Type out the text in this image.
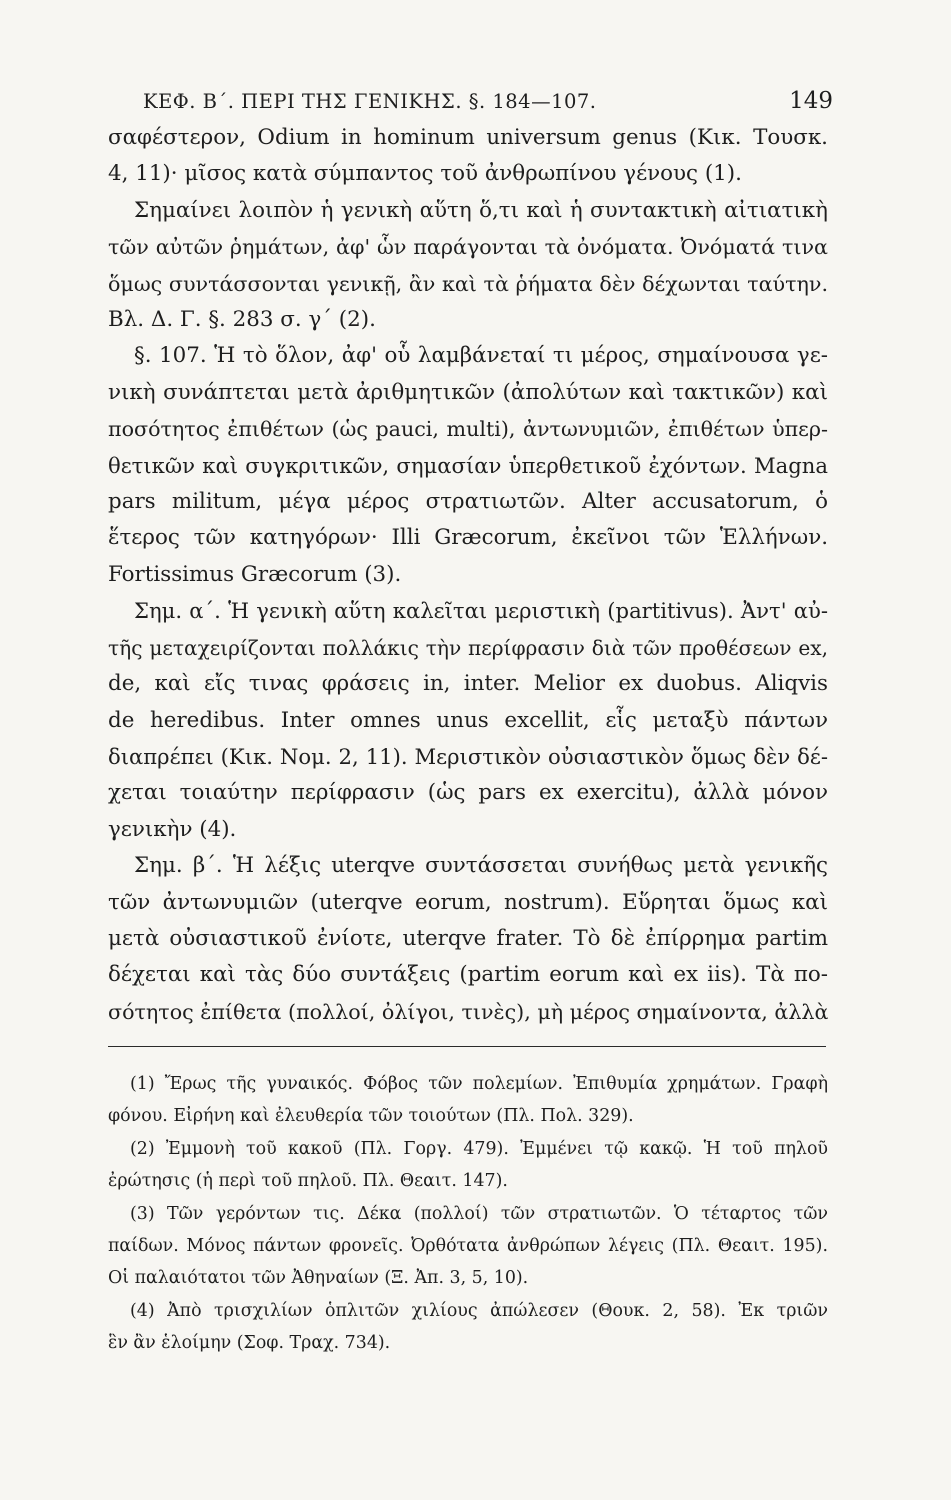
ΚΕΦ. Β΄. ΠΕΡΙ ΤΗΣ ΓΕΝΙΚΗΣ. §. 184—107.	149
σαφέστερον, Odium in hominum universum genus (Κικ. Τουσκ.
4, 11)· μῖσος κατὰ σύμπαντος τοῦ ἀνθρωπίνου γένους (1).
Σημαίνει λοιπὸν ἡ γενικὴ αὕτη ὅ,τι καὶ ἡ συντακτικὴ αἰτιατικὴ
τῶν αὐτῶν ῥημάτων, ἀφ' ὧν παράγονται τὰ ὀνόματα. Ὀνόματά τινα
ὅμως συντάσσονται γενικῇ, ἂν καὶ τὰ ῥήματα δὲν δέχωνται ταύτην.
Βλ. Δ. Γ. §. 283 σ. γ΄ (2).
§. 107. Ἡ τὸ ὅλον, ἀφ' οὗ λαμβάνεταί τι μέρος, σημαίνουσα γε-
νικὴ συνάπτεται μετὰ ἀριθμητικῶν (ἀπολύτων καὶ τακτικῶν) καὶ
ποσότητος ἐπιθέτων (ὡς pauci, multi), ἀντωνυμιῶν, ἐπιθέτων ὑπερ-
θετικῶν καὶ συγκριτικῶν, σημασίαν ὑπερθετικοῦ ἐχόντων. Magna
pars militum, μέγα μέρος στρατιωτῶν. Alter accusatorum, ὁ
ἕτερος τῶν κατηγόρων· Illi Græcorum, ἐκεῖνοι τῶν Ἑλλήνων.
Fortissimus Græcorum (3).
Σημ. α΄. Ἡ γενικὴ αὕτη καλεῖται μεριστικὴ (partitivus). Ἀντ' αὐ-
τῆς μεταχειρίζονται πολλάκις τὴν περίφρασιν διὰ τῶν προθέσεων ex,
de, καὶ εἴς τινας φράσεις in, inter. Melior ex duobus. Aliqvis
de heredibus. Inter omnes unus excellit, εἷς μεταξὺ πάντων
διαπρέπει (Κικ. Νομ. 2, 11). Μεριστικὸν οὐσιαστικὸν ὅμως δὲν δέ-
χεται τοιαύτην περίφρασιν (ὡς pars ex exercitu), ἀλλὰ μόνον
γενικὴν (4).
Σημ. β΄. Ἡ λέξις uterqve συντάσσεται συνήθως μετὰ γενικῆς
τῶν ἀντωνυμιῶν (uterqve eorum, nostrum). Εὕρηται ὅμως καὶ
μετὰ οὐσιαστικοῦ ἐνίοτε, uterqve frater. Τὸ δὲ ἐπίρρημα partim
δέχεται καὶ τὰς δύο συντάξεις (partim eorum καὶ ex iis). Τὰ πο-
σότητος ἐπίθετα (πολλοί, ὀλίγοι, τινὲς), μὴ μέρος σημαίνοντα, ἀλλὰ
(1) Ἔρως τῆς γυναικός. Φόβος τῶν πολεμίων. Ἐπιθυμία χρημάτων. Γραφὴ
φόνου. Εἰρήνη καὶ ἐλευθερία τῶν τοιούτων (Πλ. Πολ. 329).
(2) Ἐμμονὴ τοῦ κακοῦ (Πλ. Γοργ. 479). Ἐμμένει τῷ κακῷ. Ἡ τοῦ πηλοῦ
ἐρώτησις (ἡ περὶ τοῦ πηλοῦ. Πλ. Θεαιτ. 147).
(3) Τῶν γερόντων τις. Δέκα (πολλοί) τῶν στρατιωτῶν. Ὁ τέταρτος τῶν
παίδων. Μόνος πάντων φρονεῖς. Ὀρθότατα ἀνθρώπων λέγεις (Πλ. Θεαιτ. 195).
Οἱ παλαιότατοι τῶν Ἀθηναίων (Ξ. Ἀπ. 3, 5, 10).
(4) Ἀπὸ τρισχιλίων ὁπλιτῶν χιλίους ἀπώλεσεν (Θουκ. 2, 58). Ἐκ τριῶν
ἓν ἂν ἑλοίμην (Σοφ. Τραχ. 734).
